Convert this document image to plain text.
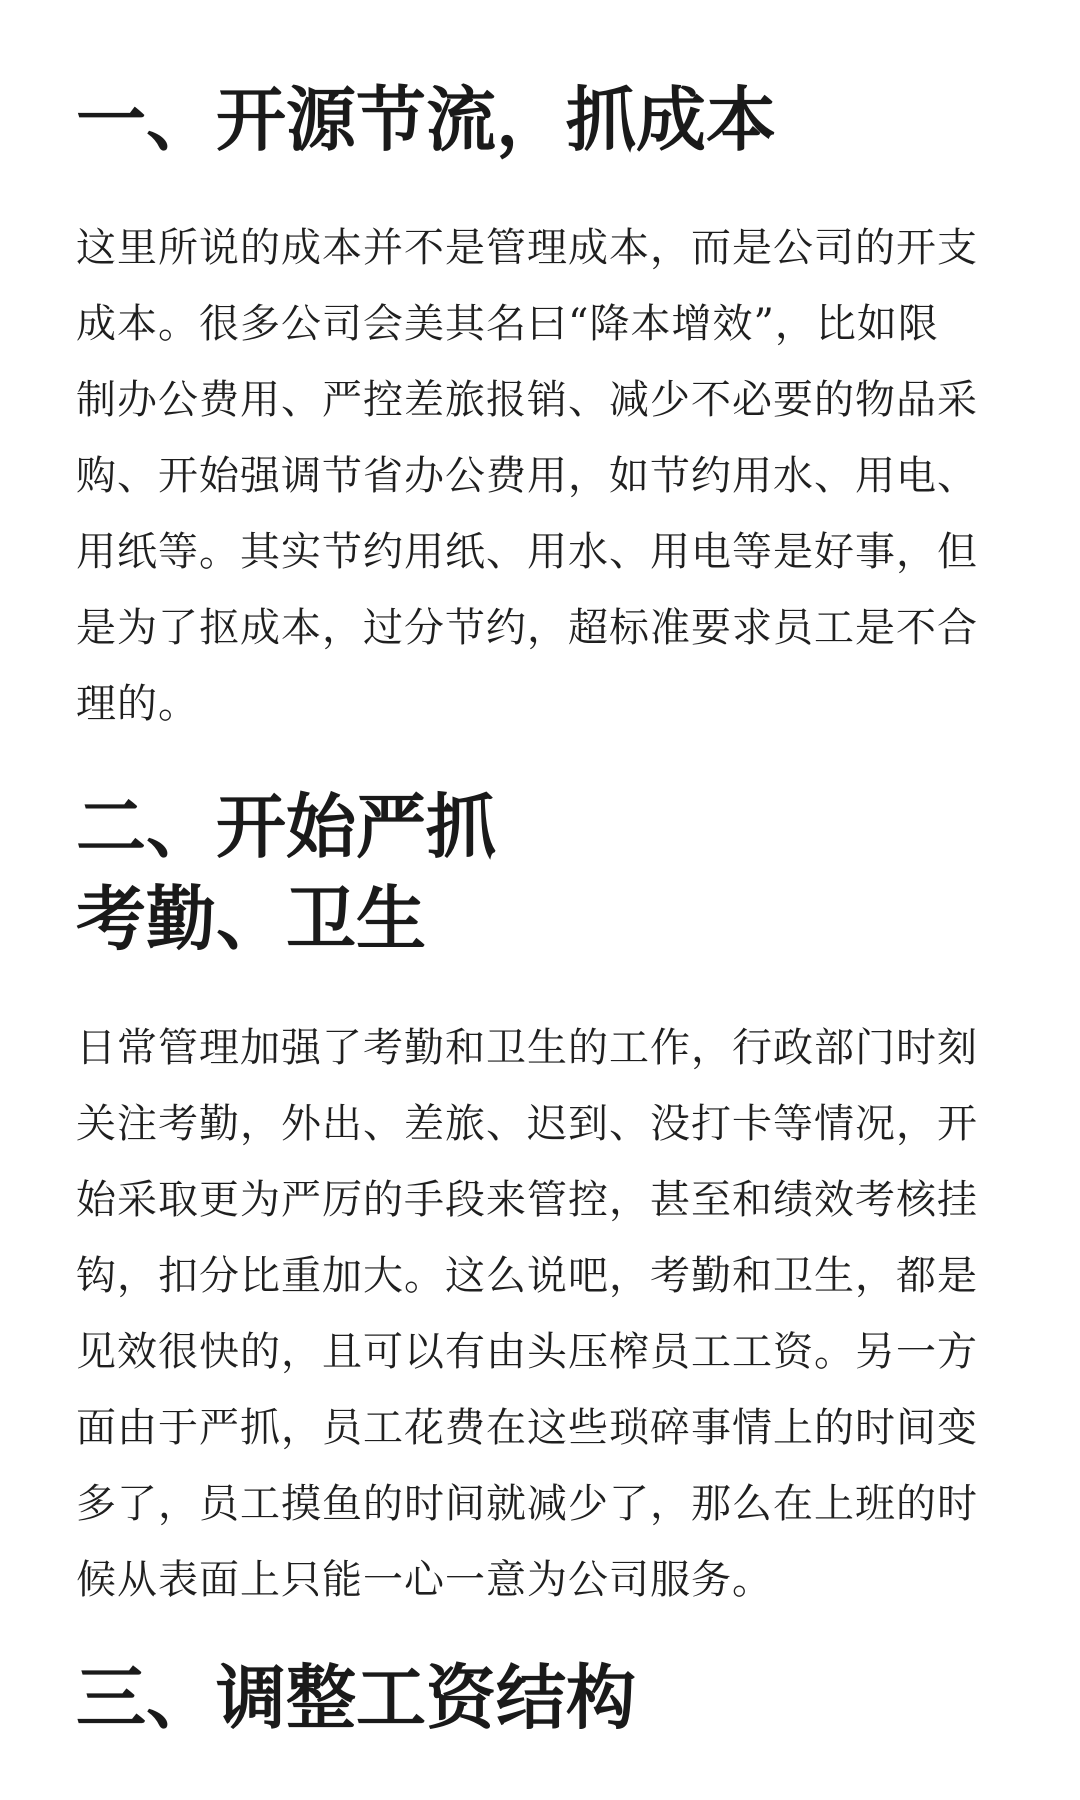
一、开源节流，抓成本
这里所说的成本并不是管理成本，而是公司的开支
成本。很多公司会美其名曰“降本增效”，比如限
制办公费用、严控差旅报销、减少不必要的物品采
购、开始强调节省办公费用，如节约用水、用电、
用纸等。其实节约用纸、用水、用电等是好事，但
是为了抠成本，过分节约，超标准要求员工是不合
理的。
二、开始严抓
考勤、卫生
日常管理加强了考勤和卫生的工作，行政部门时刻
关注考勤，外出、差旅、迟到、没打卡等情况，开
始采取更为严厉的手段来管控，甚至和绩效考核挂
钩，扣分比重加大。这么说吧，考勤和卫生，都是
见效很快的，且可以有由头压榨员工工资。另一方
面由于严抓，员工花费在这些琐碎事情上的时间变
多了，员工摸鱼的时间就减少了，那么在上班的时
候从表面上只能一心一意为公司服务。
三、调整工资结构
